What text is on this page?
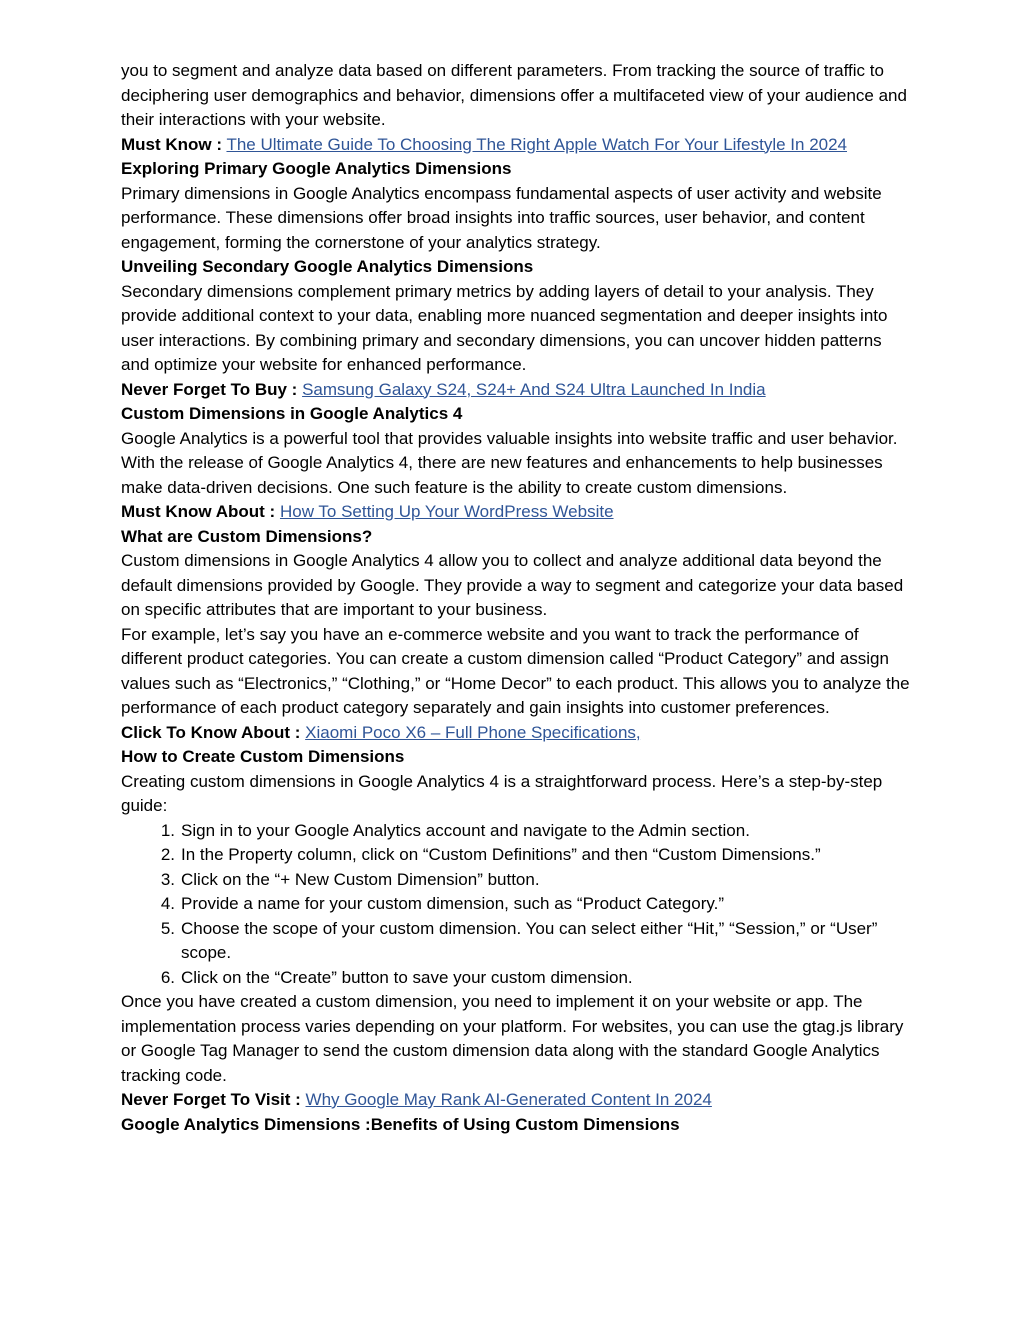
you to segment and analyze data based on different parameters. From tracking the source of traffic to deciphering user demographics and behavior, dimensions offer a multifaceted view of your audience and their interactions with your website.

Must Know : The Ultimate Guide To Choosing The Right Apple Watch For Your Lifestyle In 2024

Exploring Primary Google Analytics Dimensions

Primary dimensions in Google Analytics encompass fundamental aspects of user activity and website performance. These dimensions offer broad insights into traffic sources, user behavior, and content engagement, forming the cornerstone of your analytics strategy.

Unveiling Secondary Google Analytics Dimensions

Secondary dimensions complement primary metrics by adding layers of detail to your analysis. They provide additional context to your data, enabling more nuanced segmentation and deeper insights into user interactions. By combining primary and secondary dimensions, you can uncover hidden patterns and optimize your website for enhanced performance.

Never Forget To Buy : Samsung Galaxy S24, S24+ And S24 Ultra Launched In India

Custom Dimensions in Google Analytics 4

Google Analytics is a powerful tool that provides valuable insights into website traffic and user behavior. With the release of Google Analytics 4, there are new features and enhancements to help businesses make data-driven decisions. One such feature is the ability to create custom dimensions.

Must Know About : How To Setting Up Your WordPress Website

What are Custom Dimensions?

Custom dimensions in Google Analytics 4 allow you to collect and analyze additional data beyond the default dimensions provided by Google. They provide a way to segment and categorize your data based on specific attributes that are important to your business.

For example, let’s say you have an e-commerce website and you want to track the performance of different product categories. You can create a custom dimension called “Product Category” and assign values such as “Electronics,” “Clothing,” or “Home Decor” to each product. This allows you to analyze the performance of each product category separately and gain insights into customer preferences.

Click To Know About : Xiaomi Poco X6 – Full Phone Specifications,

How to Create Custom Dimensions

Creating custom dimensions in Google Analytics 4 is a straightforward process. Here’s a step-by-step guide:

1. Sign in to your Google Analytics account and navigate to the Admin section.
2. In the Property column, click on “Custom Definitions” and then “Custom Dimensions.”
3. Click on the “+ New Custom Dimension” button.
4. Provide a name for your custom dimension, such as “Product Category.”
5. Choose the scope of your custom dimension. You can select either “Hit,” “Session,” or “User” scope.
6. Click on the “Create” button to save your custom dimension.

Once you have created a custom dimension, you need to implement it on your website or app. The implementation process varies depending on your platform. For websites, you can use the gtag.js library or Google Tag Manager to send the custom dimension data along with the standard Google Analytics tracking code.

Never Forget To Visit : Why Google May Rank AI-Generated Content In 2024

Google Analytics Dimensions :Benefits of Using Custom Dimensions
